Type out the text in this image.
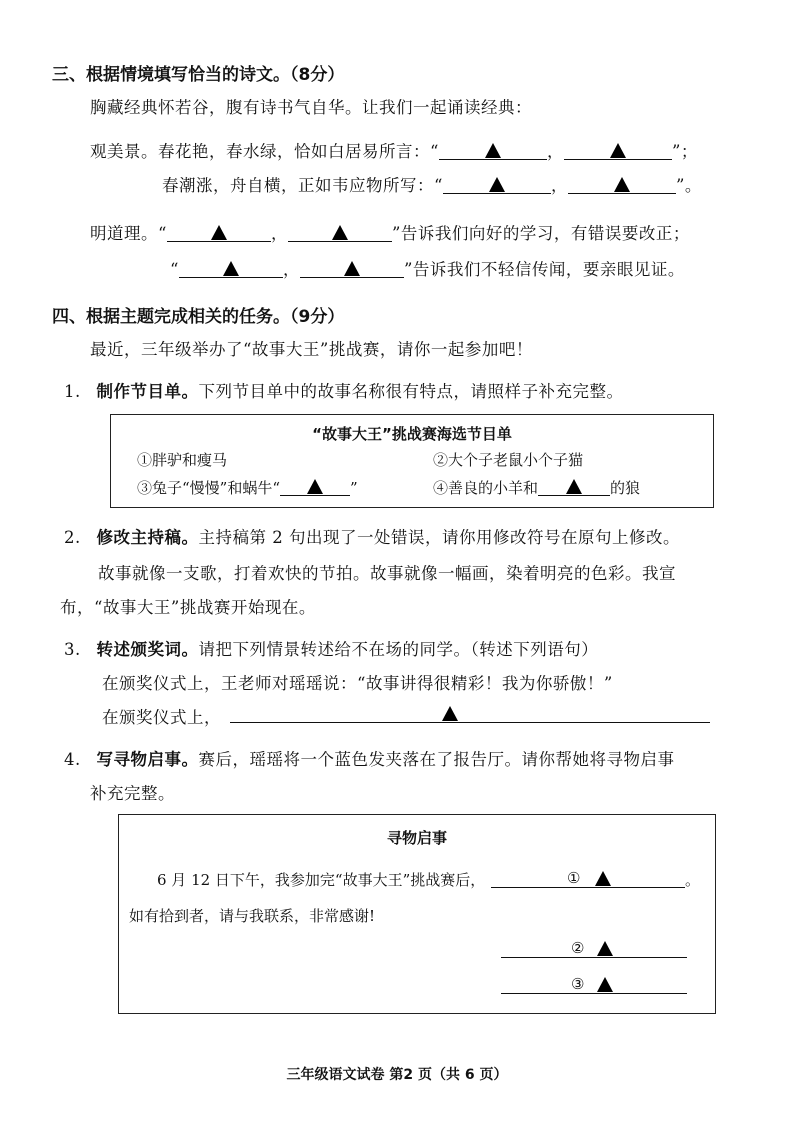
三、根据情境填写恰当的诗文。（8分）
胸藏经典怀若谷，腹有诗书气自华。让我们一起诵读经典：
观美景。春花艳，春水绿，恰如白居易所言：“	，	”；
春潮涨，舟自横，正如韦应物所写：“	，	”。
明道理。“	，	”告诉我们向好的学习，有错误要改正；
“	，	”告诉我们不轻信传闻，要亲眼见证。
四、根据主题完成相关的任务。（9分）
最近，三年级举办了“故事大王”挑战赛，请你一起参加吧！
1. 制作节目单。下列节目单中的故事名称很有特点，请照样子补充完整。
“故事大王”挑战赛海选节目单
①胖驴和瘦马	②大个子老鼠小个子猫
③兔子“慢慢”和蜗牛“	”	④善良的小羊和	的狼
2. 修改主持稿。主持稿第 2 句出现了一处错误，请你用修改符号在原句上修改。
故事就像一支歌，打着欢快的节拍。故事就像一幅画，染着明亮的色彩。我宣
布，“故事大王”挑战赛开始现在。
3. 转述颁奖词。请把下列情景转述给不在场的同学。（转述下列语句）
在颁奖仪式上，王老师对瑶瑶说：“故事讲得很精彩！我为你骄傲！”
在颁奖仪式上，
4. 写寻物启事。赛后，瑶瑶将一个蓝色发夹落在了报告厅。请你帮她将寻物启事
补充完整。
寻物启事
6 月 12 日下午，我参加完“故事大王”挑战赛后，	①	。
如有拾到者，请与我联系，非常感谢!
②
③
三年级语文试卷 第2 页（共 6 页）
